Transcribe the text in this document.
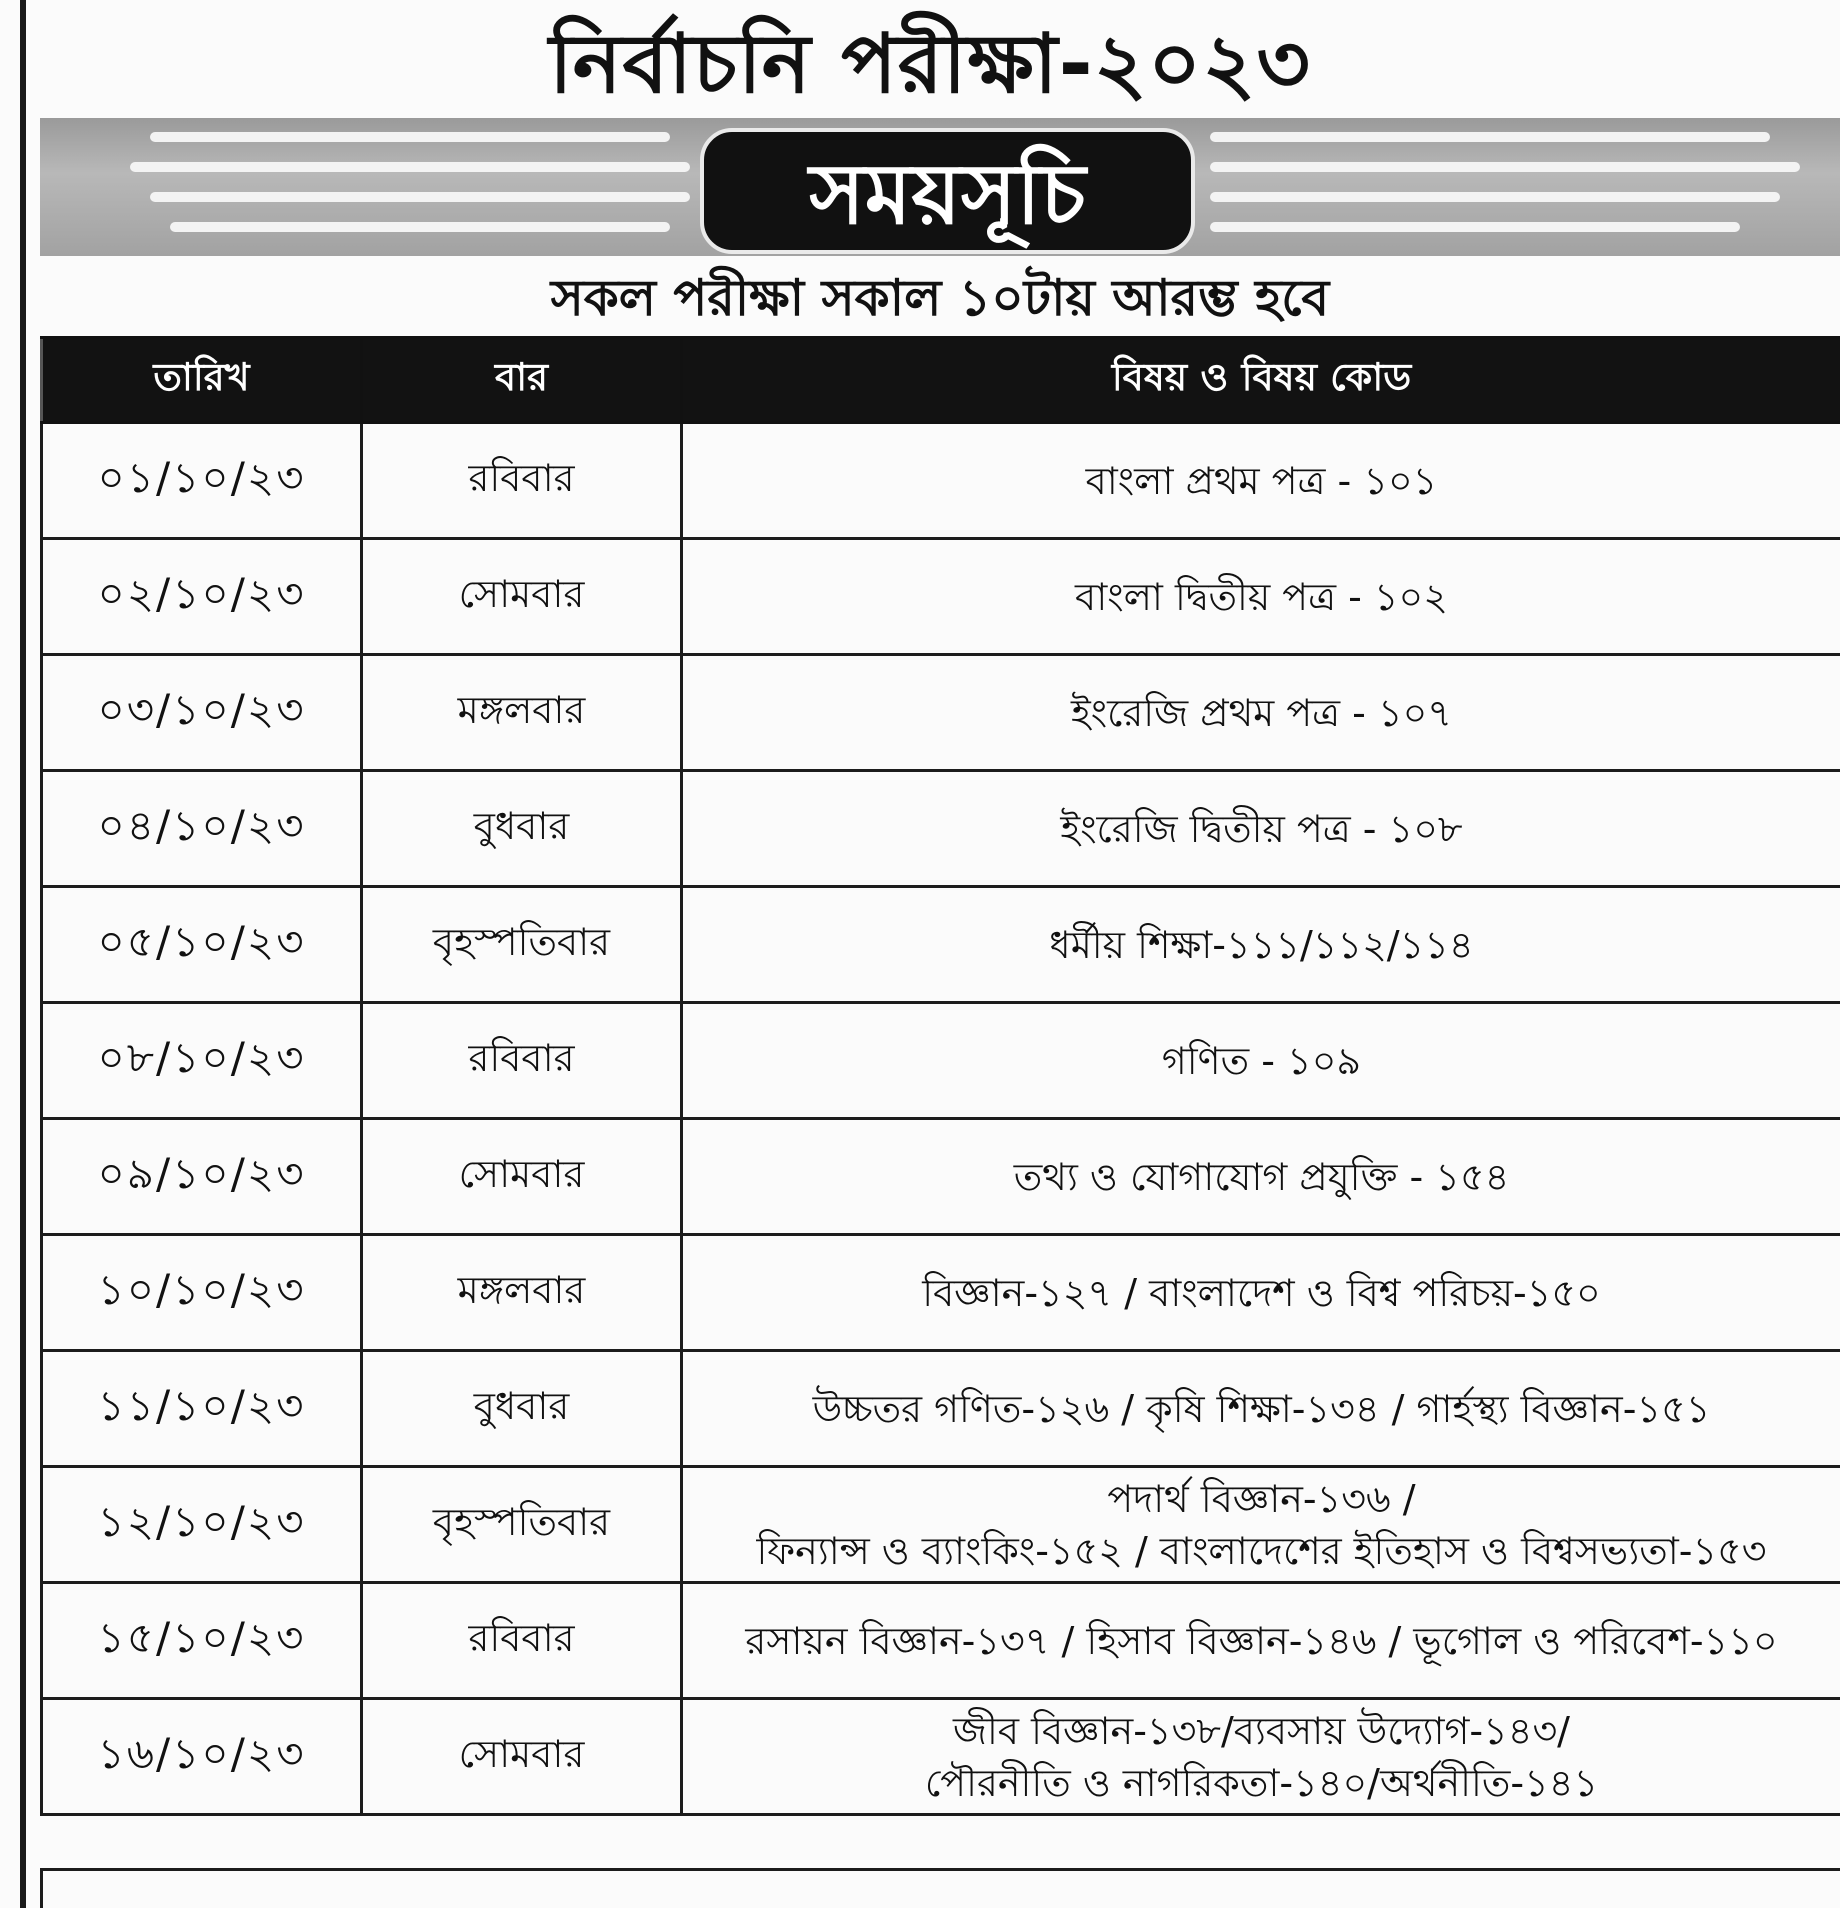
নির্বাচনি পরীক্ষা-২০২৩
সময়সূচি
সকল পরীক্ষা সকাল ১০টায় আরম্ভ হবে
তারিখ	বার	বিষয় ও বিষয় কোড
০১/১০/২৩	রবিবার	বাংলা প্রথম পত্র - ১০১
০২/১০/২৩	সোমবার	বাংলা দ্বিতীয় পত্র - ১০২
০৩/১০/২৩	মঙ্গলবার	ইংরেজি প্রথম পত্র - ১০৭
০৪/১০/২৩	বুধবার	ইংরেজি দ্বিতীয় পত্র - ১০৮
০৫/১০/২৩	বৃহস্পতিবার	ধর্মীয় শিক্ষা-১১১/১১২/১১৪
০৮/১০/২৩	রবিবার	গণিত - ১০৯
০৯/১০/২৩	সোমবার	তথ্য ও যোগাযোগ প্রযুক্তি - ১৫৪
১০/১০/২৩	মঙ্গলবার	বিজ্ঞান-১২৭ / বাংলাদেশ ও বিশ্ব পরিচয়-১৫০
১১/১০/২৩	বুধবার	উচ্চতর গণিত-১২৬ / কৃষি শিক্ষা-১৩৪ / গার্হস্থ্য বিজ্ঞান-১৫১
১২/১০/২৩	বৃহস্পতিবার	পদার্থ বিজ্ঞান-১৩৬ /
ফিন্যান্স ও ব্যাংকিং-১৫২ / বাংলাদেশের ইতিহাস ও বিশ্বসভ্যতা-১৫৩

১৫/১০/২৩	রবিবার	রসায়ন বিজ্ঞান-১৩৭ / হিসাব বিজ্ঞান-১৪৬ / ভূগোল ও পরিবেশ-১১০
১৬/১০/২৩	সোমবার	জীব বিজ্ঞান-১৩৮/ব্যবসায় উদ্যোগ-১৪৩/
পৌরনীতি ও নাগরিকতা-১৪০/অর্থনীতি-১৪১
